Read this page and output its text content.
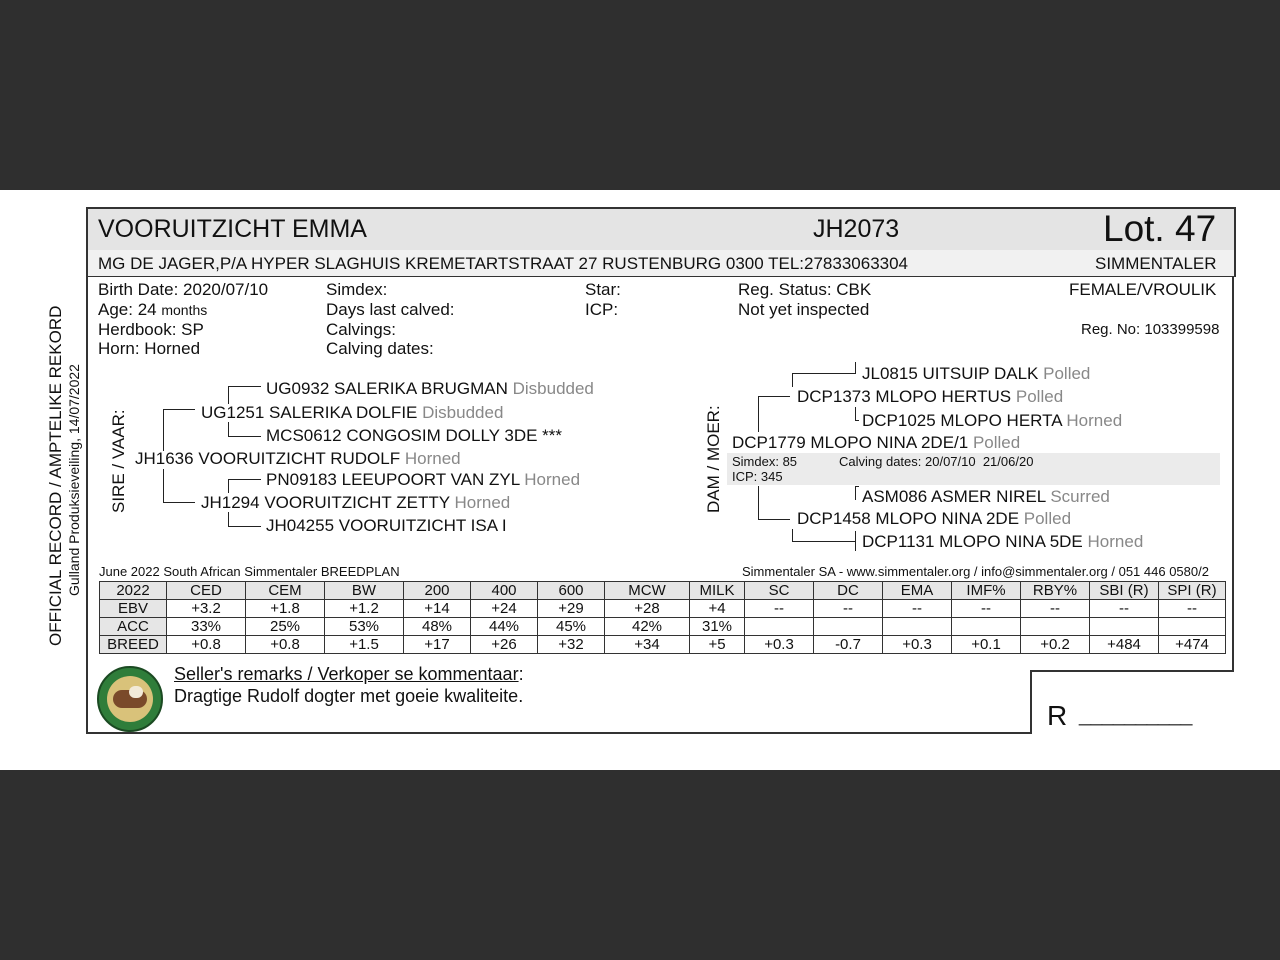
VOORUITZICHT EMMA	JH2073	Lot. 47
MG DE JAGER,P/A HYPER SLAGHUIS KREMETARTSTRAAT 27 RUSTENBURG 0300 TEL:27833063304	SIMMENTALER
Birth Date: 2020/07/10
Age: 24 months
Herdbook: SP
Horn: Horned
Simdex:
Days last calved:
Calvings:
Calving dates:
Star:
ICP:
Reg. Status: CBK
Not yet inspected
FEMALE/VROULIK
Reg. No: 103399598
OFFICIAL RECORD / AMPTELIKE REKORD Gulland Produksieveiling, 14/07/2022 SIRE / VAAR:	DAM / MOER:
UG0932 SALERIKA BRUGMAN Disbudded
UG1251 SALERIKA DOLFIE Disbudded
MCS0612 CONGOSIM DOLLY 3DE ***
JH1636 VOORUITZICHT RUDOLF Horned
PN09183 LEEUPOORT VAN ZYL Horned
JH1294 VOORUITZICHT ZETTY Horned
JH04255 VOORUITZICHT ISA I
JL0815 UITSUIP DALK Polled
DCP1373 MLOPO HERTUS Polled
DCP1025 MLOPO HERTA Horned
DCP1779 MLOPO NINA 2DE/1 Polled
Simdex: 85	Calving dates: 20/07/10  21/06/20
ICP: 345
ASM086 ASMER NIREL Scurred
DCP1458 MLOPO NINA 2DE Polled
DCP1131 MLOPO NINA 5DE Horned
June 2022 South African Simmentaler BREEDPLAN	Simmentaler SA - www.simmentaler.org / info@simmentaler.org / 051 446 0580/2
2022	CED	CEM	BW	200	400	600	MCW	MILK	SC	DC	EMA	IMF%	RBY%	SBI (R)	SPI (R)
EBV	+3.2	+1.8	+1.2	+14	+24	+29	+28	+4	--	--	--	--	--	--	--
ACC	33%	25%	53%	48%	44%	45%	42%	31%							
BREED	+0.8	+0.8	+1.5	+17	+26	+32	+34	+5	+0.3	-0.7	+0.3	+0.1	+0.2	+484	+474
Seller's remarks / Verkoper se kommentaar:
Dragtige Rudolf dogter met goeie kwaliteite.
R __________
